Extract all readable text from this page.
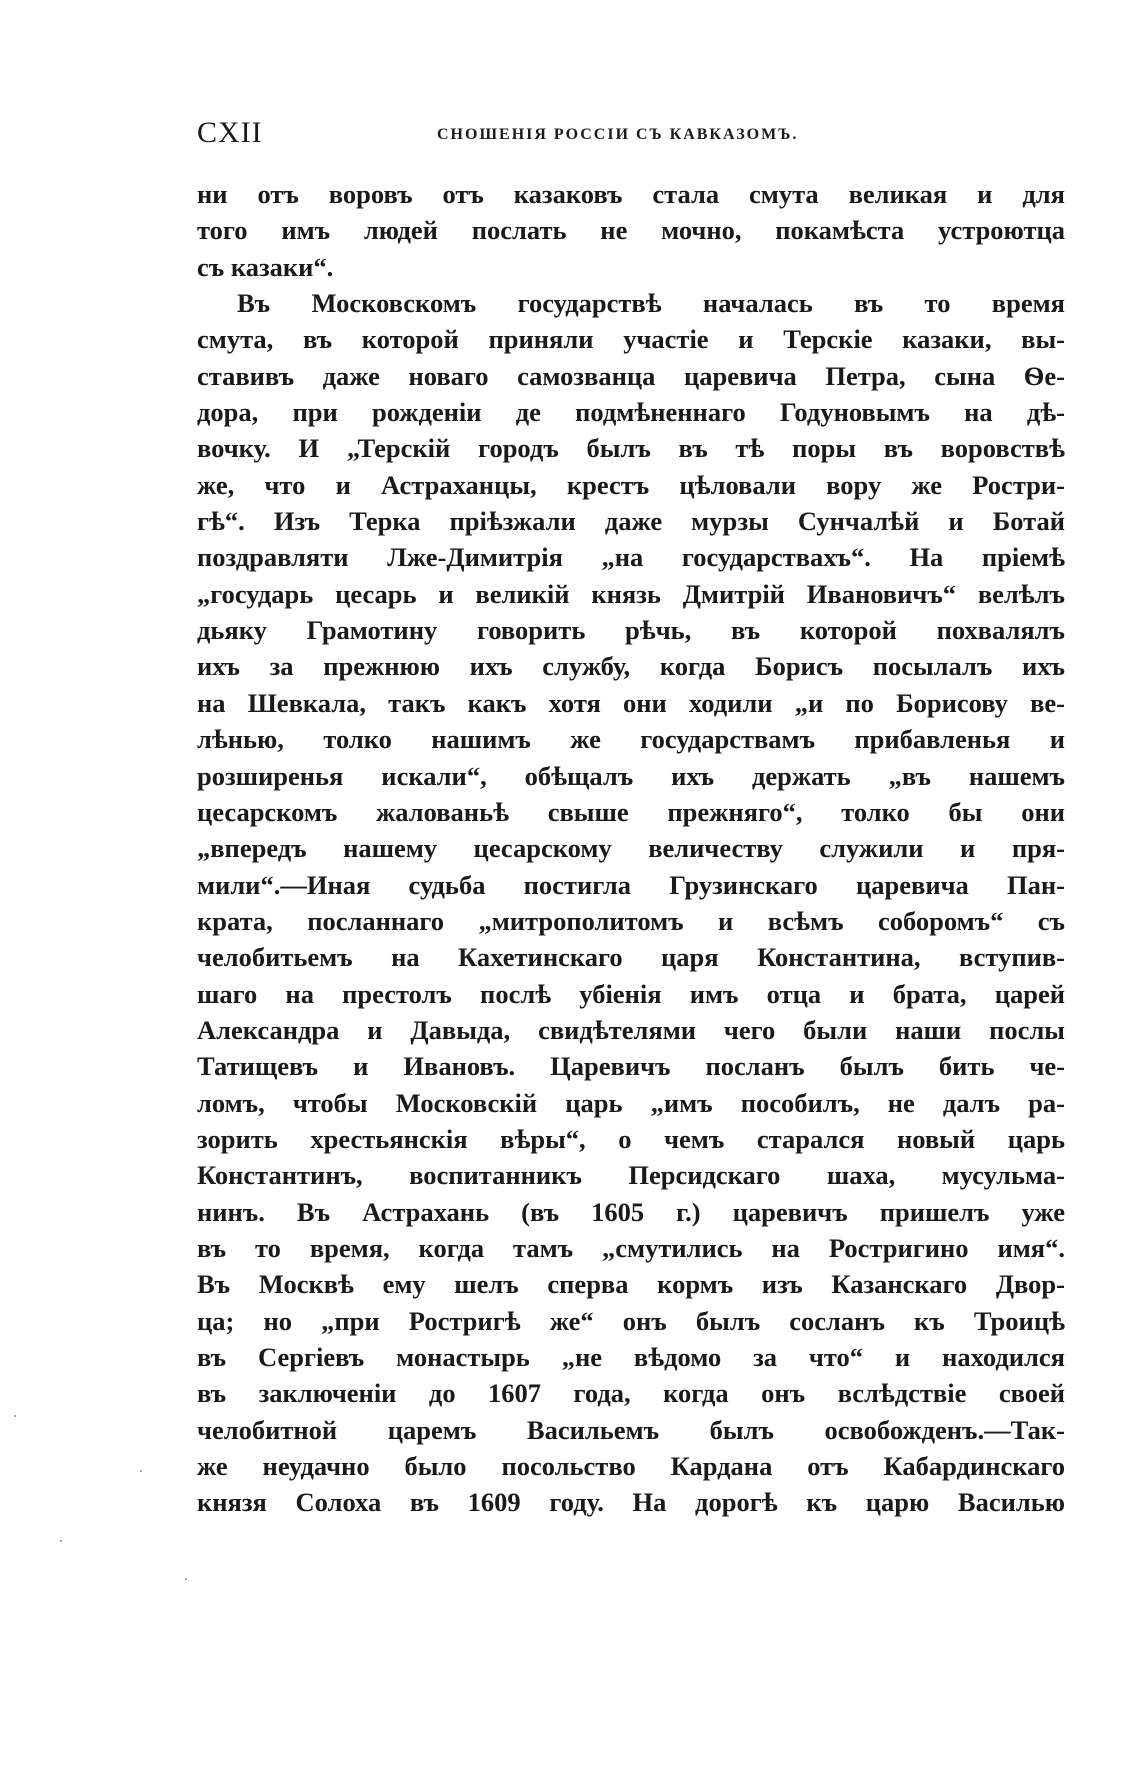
CXII	СНОШЕНІЯ РОССІИ СЪ КАВКАЗОМЪ.
ни отъ воровъ отъ казаковъ стала смута великая и для
того имъ людей послать не мочно, покамѣста устроютца
съ казаки“.
Въ Московскомъ государствѣ началась въ то время
смута, въ которой приняли участіе и Терскіе казаки, вы-
ставивъ даже новаго самозванца царевича Петра, сына Ѳе-
дора, при рожденіи де подмѣненнаго Годуновымъ на дѣ-
вочку. И „Терскій городъ былъ въ тѣ поры въ воровствѣ
же, что и Астраханцы, крестъ цѣловали вору же Ростри-
гѣ“. Изъ Терка пріѣзжали даже мурзы Сунчалѣй и Ботай
поздравляти Лже-Димитрія „на государствахъ“. На пріемѣ
„государь цесарь и великій князь Дмитрій Ивановичъ“ велѣлъ
дьяку Грамотину говорить рѣчь, въ которой похвалялъ
ихъ за прежнюю ихъ службу, когда Борисъ посылалъ ихъ
на Шевкала, такъ какъ хотя они ходили „и по Борисову ве-
лѣнью, толко нашимъ же государствамъ прибавленья и
розширенья искали“, обѣщалъ ихъ держать „въ нашемъ
цесарскомъ жалованьѣ свыше прежняго“, толко бы они
„впередъ нашему цесарскому величеству служили и пря-
мили“.—Иная судьба постигла Грузинскаго царевича Пан-
крата, посланнаго „митрополитомъ и всѣмъ соборомъ“ съ
челобитьемъ на Кахетинскаго царя Константина, вступив-
шаго на престолъ послѣ убіенія имъ отца и брата, царей
Александра и Давыда, свидѣтелями чего были наши послы
Татищевъ и Ивановъ. Царевичъ посланъ былъ бить че-
ломъ, чтобы Московскій царь „имъ пособилъ, не далъ ра-
зорить хрестьянскія вѣры“, о чемъ старался новый царь
Константинъ, воспитанникъ Персидскаго шаха, мусульма-
нинъ. Въ Астрахань (въ 1605 г.) царевичъ пришелъ уже
въ то время, когда тамъ „смутились на Ростригино имя“.
Въ Москвѣ ему шелъ сперва кормъ изъ Казанскаго Двор-
ца; но „при Ростригѣ же“ онъ былъ сосланъ къ Троицѣ
въ Сергіевъ монастырь „не вѣдомо за что“ и находился
въ заключеніи до 1607 года, когда онъ вслѣдствіе своей
челобитной царемъ Васильемъ былъ освобожденъ.—Так-
же неудачно было посольство Кардана отъ Кабардинскаго
князя Солоха въ 1609 году. На дорогѣ къ царю Василью
